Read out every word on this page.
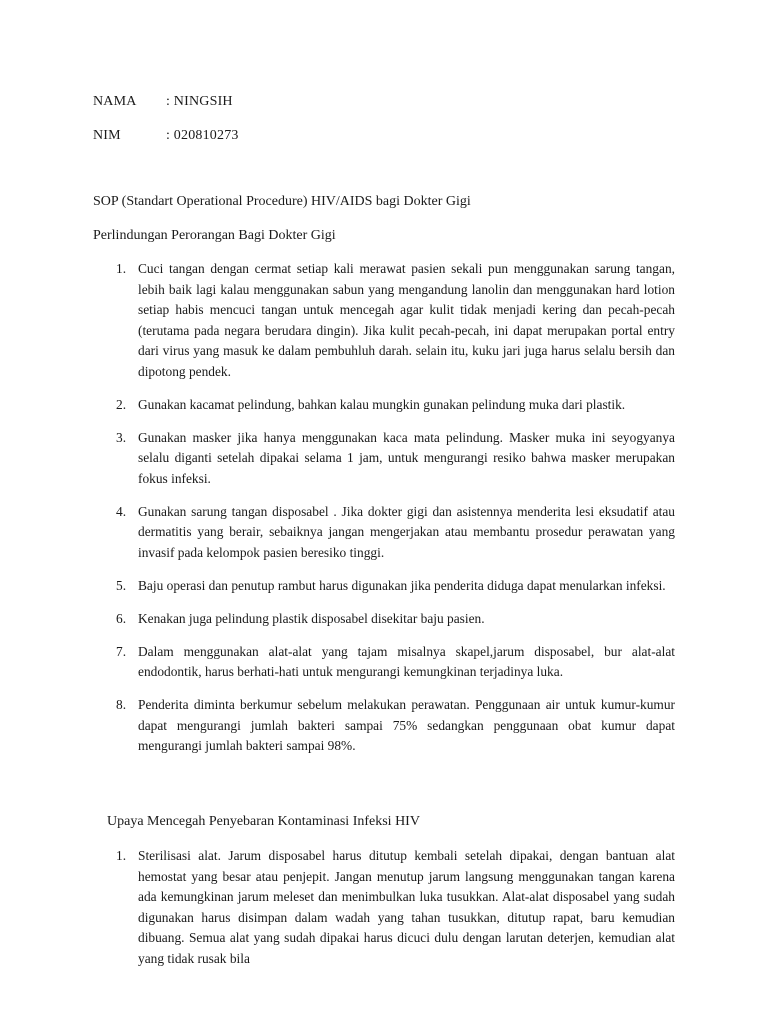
NAMA : NINGSIH
NIM	: 020810273
SOP (Standart Operational Procedure) HIV/AIDS bagi Dokter Gigi
Perlindungan Perorangan Bagi Dokter Gigi
1. Cuci tangan dengan cermat setiap kali merawat pasien sekali pun menggunakan sarung tangan, lebih baik lagi kalau menggunakan sabun yang mengandung lanolin dan menggunakan hard lotion setiap habis mencuci tangan untuk mencegah agar kulit tidak menjadi kering dan pecah-pecah (terutama pada negara berudara dingin). Jika kulit pecah-pecah, ini dapat merupakan portal entry dari virus yang masuk ke dalam pembuhluh darah. selain itu, kuku jari juga harus selalu bersih dan dipotong pendek.
2. Gunakan kacamat pelindung, bahkan kalau mungkin gunakan pelindung muka dari plastik.
3. Gunakan masker jika hanya menggunakan kaca mata pelindung. Masker muka ini seyogyanya selalu diganti setelah dipakai selama 1 jam, untuk mengurangi resiko bahwa masker merupakan fokus infeksi.
4. Gunakan sarung tangan disposabel . Jika dokter gigi dan asistennya menderita lesi eksudatif atau dermatitis yang berair, sebaiknya jangan mengerjakan atau membantu prosedur perawatan yang invasif pada kelompok pasien beresiko tinggi.
5. Baju operasi dan penutup rambut harus digunakan jika penderita diduga dapat menularkan infeksi.
6. Kenakan juga pelindung plastik disposabel disekitar baju pasien.
7. Dalam menggunakan alat-alat yang tajam misalnya skapel,jarum disposabel, bur alat-alat endodontik, harus berhati-hati untuk mengurangi kemungkinan terjadinya luka.
8. Penderita diminta berkumur sebelum melakukan perawatan. Penggunaan air untuk kumur-kumur dapat mengurangi jumlah bakteri sampai 75% sedangkan penggunaan obat kumur dapat mengurangi jumlah bakteri sampai 98%.
Upaya Mencegah Penyebaran Kontaminasi Infeksi HIV
1. Sterilisasi alat. Jarum disposabel harus ditutup kembali setelah dipakai, dengan bantuan alat hemostat yang besar atau penjepit. Jangan menutup jarum langsung menggunakan tangan karena ada kemungkinan jarum meleset dan menimbulkan luka tusukkan. Alat-alat disposabel yang sudah digunakan harus disimpan dalam wadah yang tahan tusukkan, ditutup rapat, baru kemudian dibuang. Semua alat yang sudah dipakai harus dicuci dulu dengan larutan deterjen, kemudian alat yang tidak rusak bila
